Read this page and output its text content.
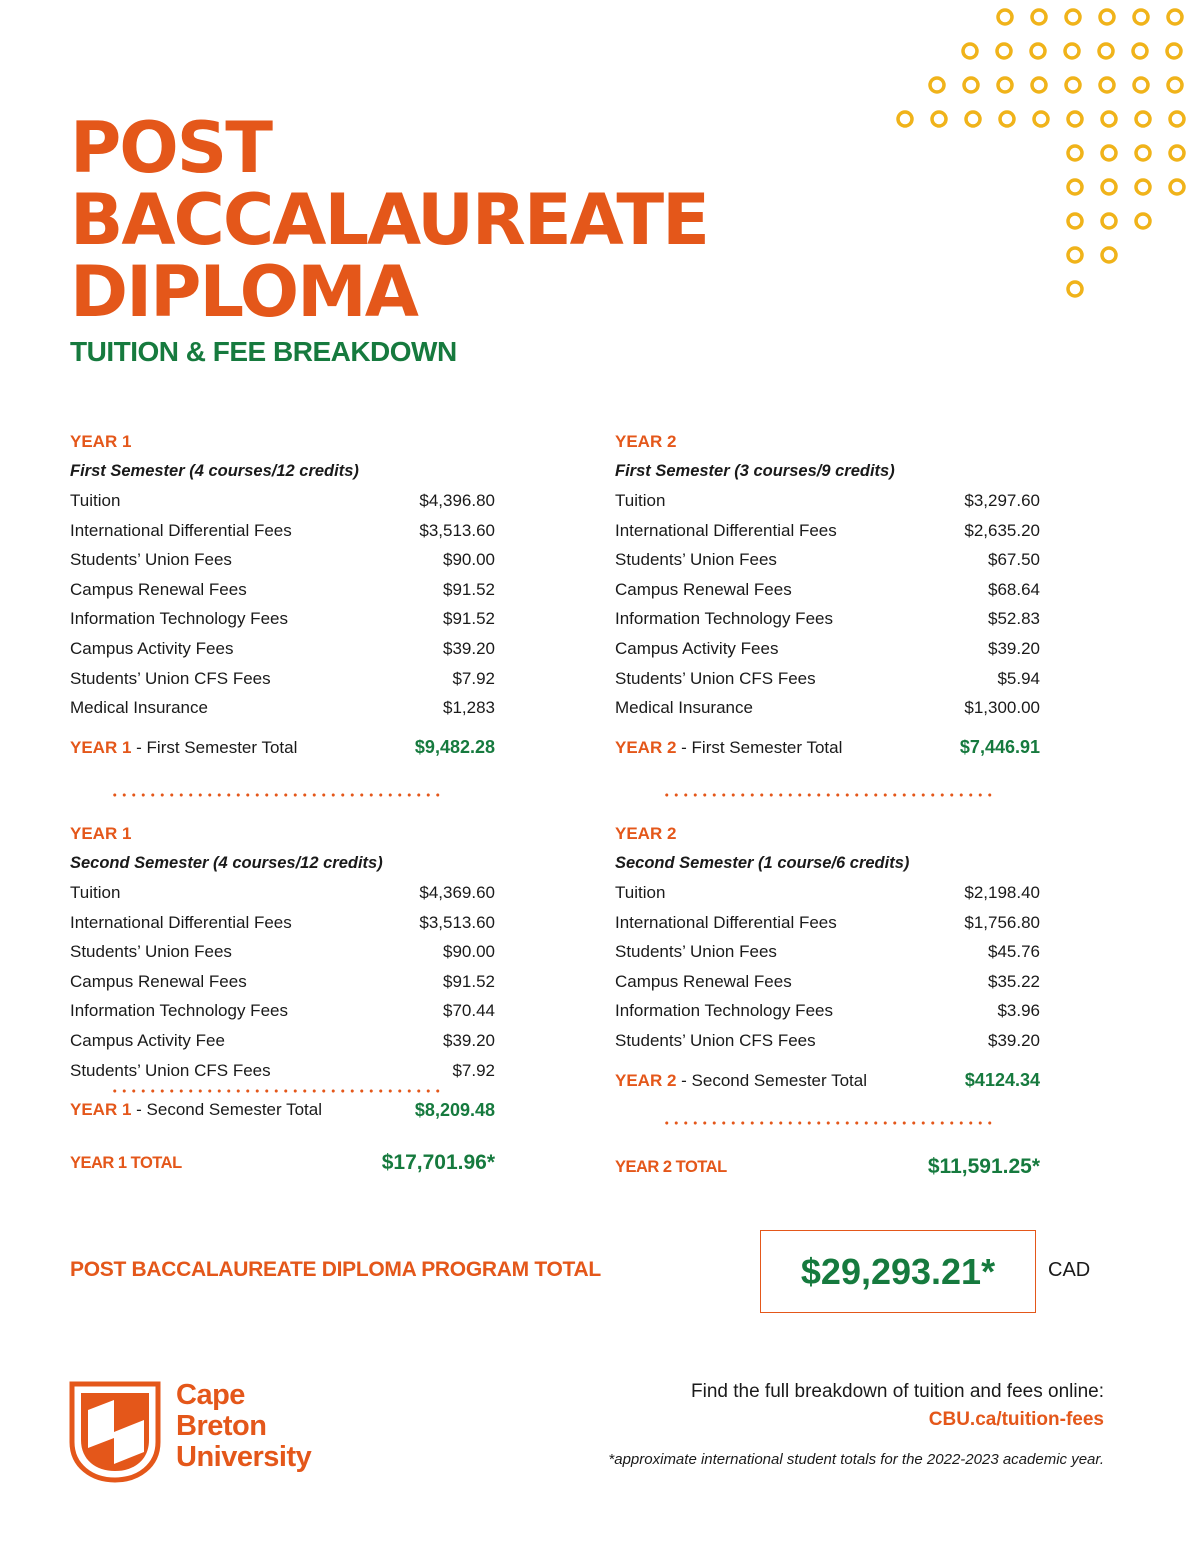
POST
BACCALAUREATE
DIPLOMA
TUITION & FEE BREAKDOWN
YEAR 1
First Semester (4 courses/12 credits)
Tuition	$4,396.80
International Differential Fees	$3,513.60
Students’ Union Fees	$90.00
Campus Renewal Fees	$91.52
Information Technology Fees	$91.52
Campus Activity Fees	$39.20
Students’ Union CFS Fees	$7.92
Medical Insurance	$1,283
YEAR 1 - First Semester Total	$9,482.28
YEAR 2
First Semester (3 courses/9 credits)
Tuition	$3,297.60
International Differential Fees	$2,635.20
Students’ Union Fees	$67.50
Campus Renewal Fees	$68.64
Information Technology Fees	$52.83
Campus Activity Fees	$39.20
Students’ Union CFS Fees	$5.94
Medical Insurance	$1,300.00
YEAR 2 - First Semester Total	$7,446.91
YEAR 1
Second Semester (4 courses/12 credits)
Tuition	$4,369.60
International Differential Fees	$3,513.60
Students’ Union Fees	$90.00
Campus Renewal Fees	$91.52
Information Technology Fees	$70.44
Campus Activity Fee	$39.20
Students’ Union CFS Fees	$7.92
YEAR 1 - Second Semester Total	$8,209.48
YEAR 2
Second Semester (1 course/6 credits)
Tuition	$2,198.40
International Differential Fees	$1,756.80
Students’ Union Fees	$45.76
Campus Renewal Fees	$35.22
Information Technology Fees	$3.96
Students’ Union CFS Fees	$39.20
YEAR 2 - Second Semester Total	$4124.34
YEAR 1 TOTAL	$17,701.96*	YEAR 2 TOTAL	$11,591.25*
POST BACCALAUREATE DIPLOMA PROGRAM TOTAL	$29,293.21*	CAD
Cape
Breton
University
Find the full breakdown of tuition and fees online:
CBU.ca/tuition-fees
*approximate international student totals for the 2022-2023 academic year.
